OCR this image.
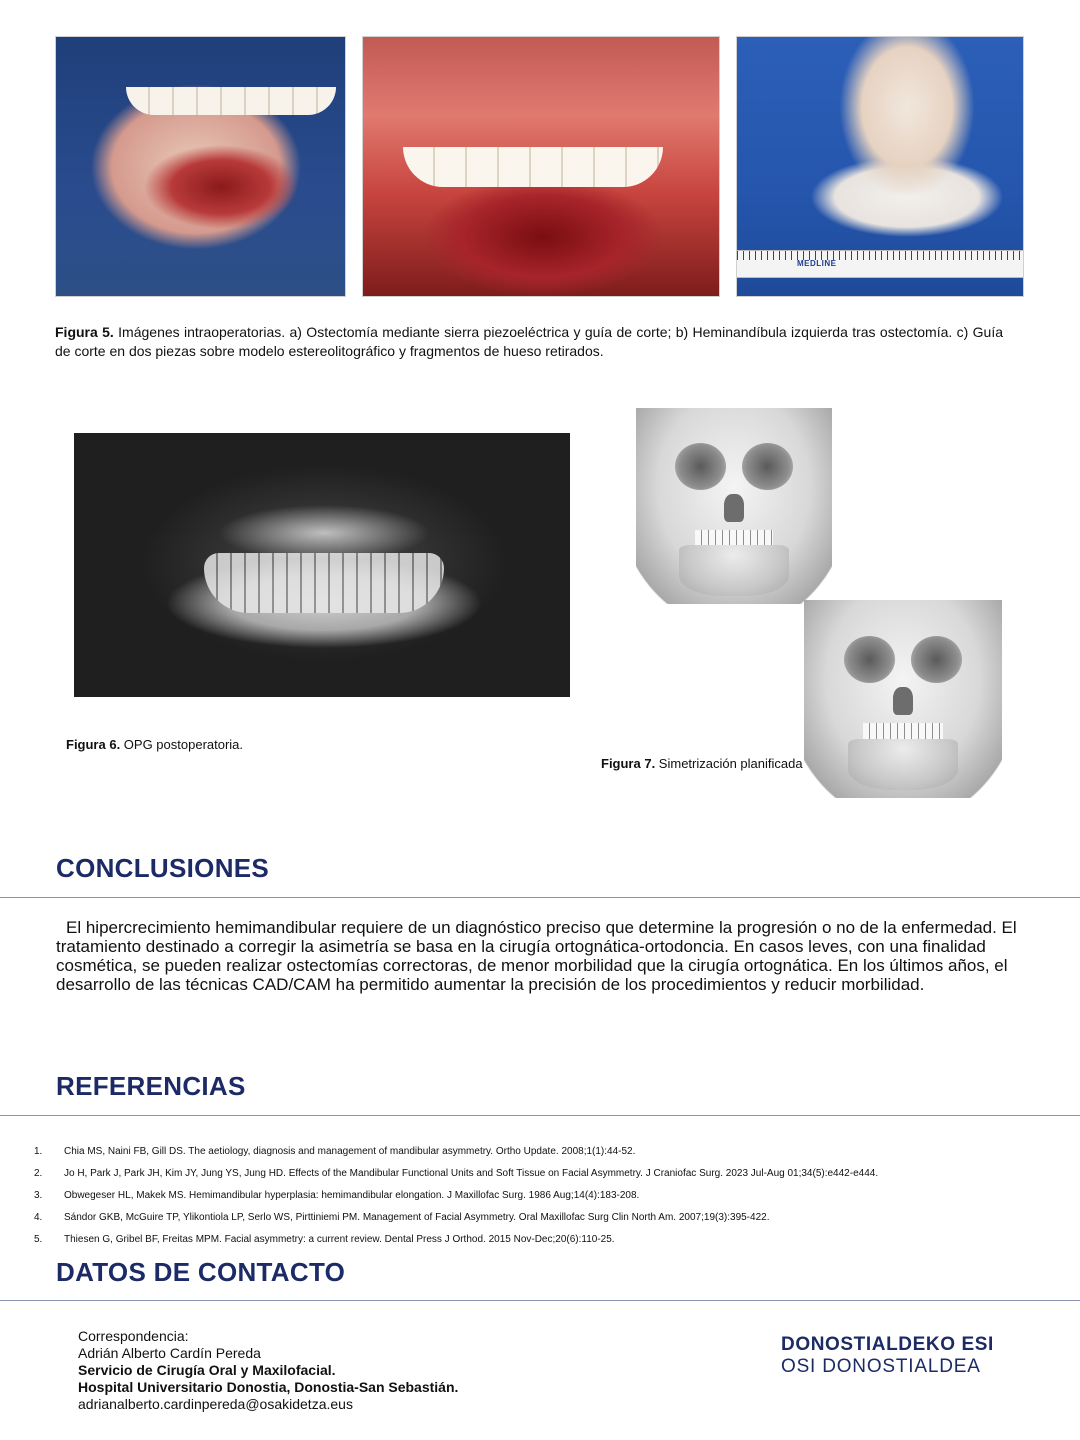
MEDLINE
Figura 5. Imágenes intraoperatorias. a) Ostectomía mediante sierra piezoeléctrica y guía de corte; b) Heminandíbula izquierda tras ostectomía. c) Guía de corte en dos piezas sobre modelo estereolitográfico y fragmentos de hueso retirados.
Figura 6. OPG postoperatoria.
Figura 7. Simetrización planificada
CONCLUSIONES
El hipercrecimiento hemimandibular requiere de un diagnóstico preciso que determine la progresión o no de la enfermedad. El tratamiento destinado a corregir la asimetría se basa en la cirugía ortognática-ortodoncia. En casos leves, con una finalidad cosmética, se pueden realizar ostectomías correctoras, de menor morbilidad que la cirugía ortognática. En los últimos años, el desarrollo de las técnicas CAD/CAM ha permitido aumentar la precisión de los procedimientos y reducir morbilidad.
REFERENCIAS
1. Chia MS, Naini FB, Gill DS. The aetiology, diagnosis and management of mandibular asymmetry. Ortho Update. 2008;1(1):44-52.
2. Jo H, Park J, Park JH, Kim JY, Jung YS, Jung HD. Effects of the Mandibular Functional Units and Soft Tissue on Facial Asymmetry. J Craniofac Surg. 2023 Jul-Aug 01;34(5):e442-e444.
3. Obwegeser HL, Makek MS. Hemimandibular hyperplasia: hemimandibular elongation. J Maxillofac Surg. 1986 Aug;14(4):183-208.
4. Sándor GKB, McGuire TP, Ylikontiola LP, Serlo WS, Pirttiniemi PM. Management of Facial Asymmetry. Oral Maxillofac Surg Clin North Am. 2007;19(3):395-422.
5. Thiesen G, Gribel BF, Freitas MPM. Facial asymmetry: a current review. Dental Press J Orthod. 2015 Nov-Dec;20(6):110-25.
DATOS DE CONTACTO
Correspondencia:
Adrián Alberto Cardín Pereda
Servicio de Cirugía Oral y Maxilofacial.
Hospital Universitario Donostia, Donostia-San Sebastián.
adrianalberto.cardinpereda@osakidetza.eus
DONOSTIALDEKO ESI
OSI DONOSTIALDEA
